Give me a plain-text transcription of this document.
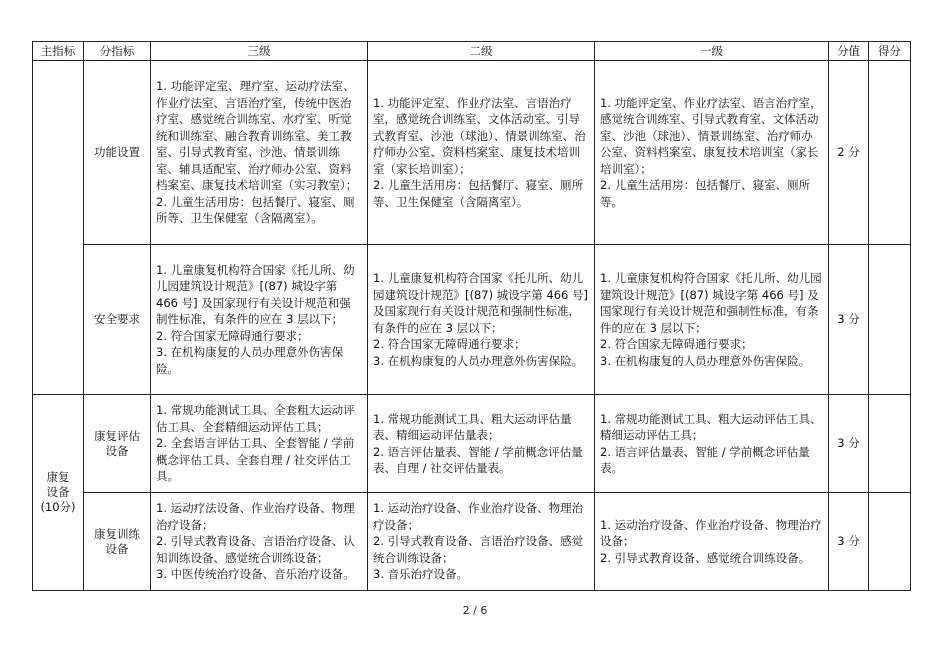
主指标	分指标	三级	二级	一级	分值	得分

	功能设置	1. 功能评定室、理疗室、运动疗法室、作业疗法室、言语治疗室，传统中医治疗室、感觉统合训练室、水疗室、听觉统和训练室、融合教育训练室、美工教室、引导式教育室、沙池、情景训练室、辅具适配室、治疗师办公室、资料档案室、康复技术培训室（实习教室）；
2. 儿童生活用房：包括餐厅、寝室、厕所等、卫生保健室（含隔离室）。	1. 功能评定室、作业疗法室、言语治疗室，感觉统合训练室、文体活动室、引导式教育室、沙池（球池）、情景训练室、治疗师办公室、资料档案室、康复技术培训室（家长培训室）；
2. 儿童生活用房：包括餐厅、寝室、厕所等、卫生保健室（含隔离室）。	1. 功能评定室、作业疗法室、语言治疗室，感觉统合训练室、引导式教育室、文体活动室、沙池（球池）、情景训练室、治疗师办公室、资料档案室、康复技术培训室（家长培训室）；
2. 儿童生活用房：包括餐厅、寝室、厕所等。	2 分	

	安全要求	1. 儿童康复机构符合国家《托儿所、幼儿园建筑设计规范》[(87) 城设字第 466 号] 及国家现行有关设计规范和强制性标准，有条件的应在 3 层以下；
2. 符合国家无障碍通行要求；
3. 在机构康复的人员办理意外伤害保险。	1. 儿童康复机构符合国家《托儿所、幼儿园建筑设计规范》[(87) 城设字第 466 号] 及国家现行有关设计规范和强制性标准，有条件的应在 3 层以下；
2. 符合国家无障碍通行要求；
3. 在机构康复的人员办理意外伤害保险。	1. 儿童康复机构符合国家《托儿所、幼儿园建筑设计规范》[(87) 城设字第 466 号] 及国家现行有关设计规范和强制性标准，有条件的应在 3 层以下；
2. 符合国家无障碍通行要求；
3. 在机构康复的人员办理意外伤害保险。	3 分	

康复
设备
(10分)	康复评估
设备	1. 常规功能测试工具、全套粗大运动评估工具、全套精细运动评估工具；
2. 全套语言评估工具、全套智能 / 学前概念评估工具、全套自理 / 社交评估工具。	1. 常规功能测试工具、粗大运动评估量表、精细运动评估量表；
2. 语言评估量表、智能 / 学前概念评估量表、自理 / 社交评估量表。	1. 常规功能测试工具、粗大运动评估工具、精细运动评估工具；
2. 语言评估量表、智能 / 学前概念评估量表。	3 分	

	康复训练
设备	1. 运动疗法设备、作业治疗设备、物理治疗设备；
2. 引导式教育设备、言语治疗设备、认知训练设备、感觉统合训练设备；
3. 中医传统治疗设备、音乐治疗设备。	1. 运动治疗设备、作业治疗设备、物理治疗设备；
2. 引导式教育设备、言语治疗设备、感觉统合训练设备；
3. 音乐治疗设备。	1. 运动治疗设备、作业治疗设备、物理治疗设备；
2. 引导式教育设备、感觉统合训练设备。	3 分	
2 / 6
